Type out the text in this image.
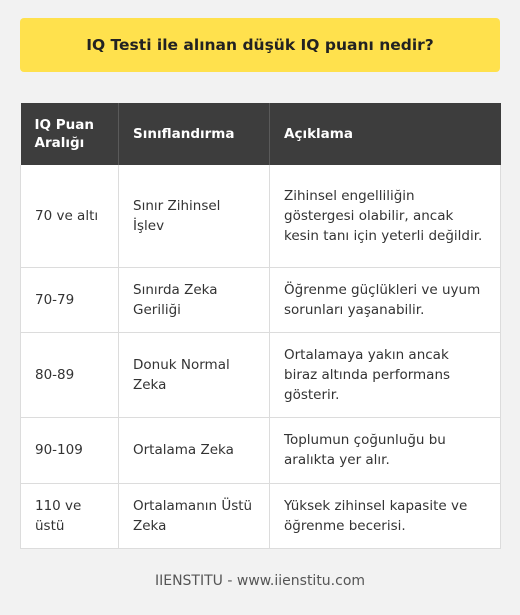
IQ Testi ile alınan düşük IQ puanı nedir?
IQ Puan Aralığı	Sınıflandırma	Açıklama
70 ve altı	Sınır Zihinsel İşlev	Zihinsel engelliliğin göstergesi olabilir, ancak kesin tanı için yeterli değildir.
70-79	Sınırda Zeka Geriliği	Öğrenme güçlükleri ve uyum sorunları yaşanabilir.
80-89	Donuk Normal Zeka	Ortalamaya yakın ancak biraz altında performans gösterir.
90-109	Ortalama Zeka	Toplumun çoğunluğu bu aralıkta yer alır.
110 ve üstü	Ortalamanın Üstü Zeka	Yüksek zihinsel kapasite ve öğrenme becerisi.
IIENSTITU - www.iienstitu.com
